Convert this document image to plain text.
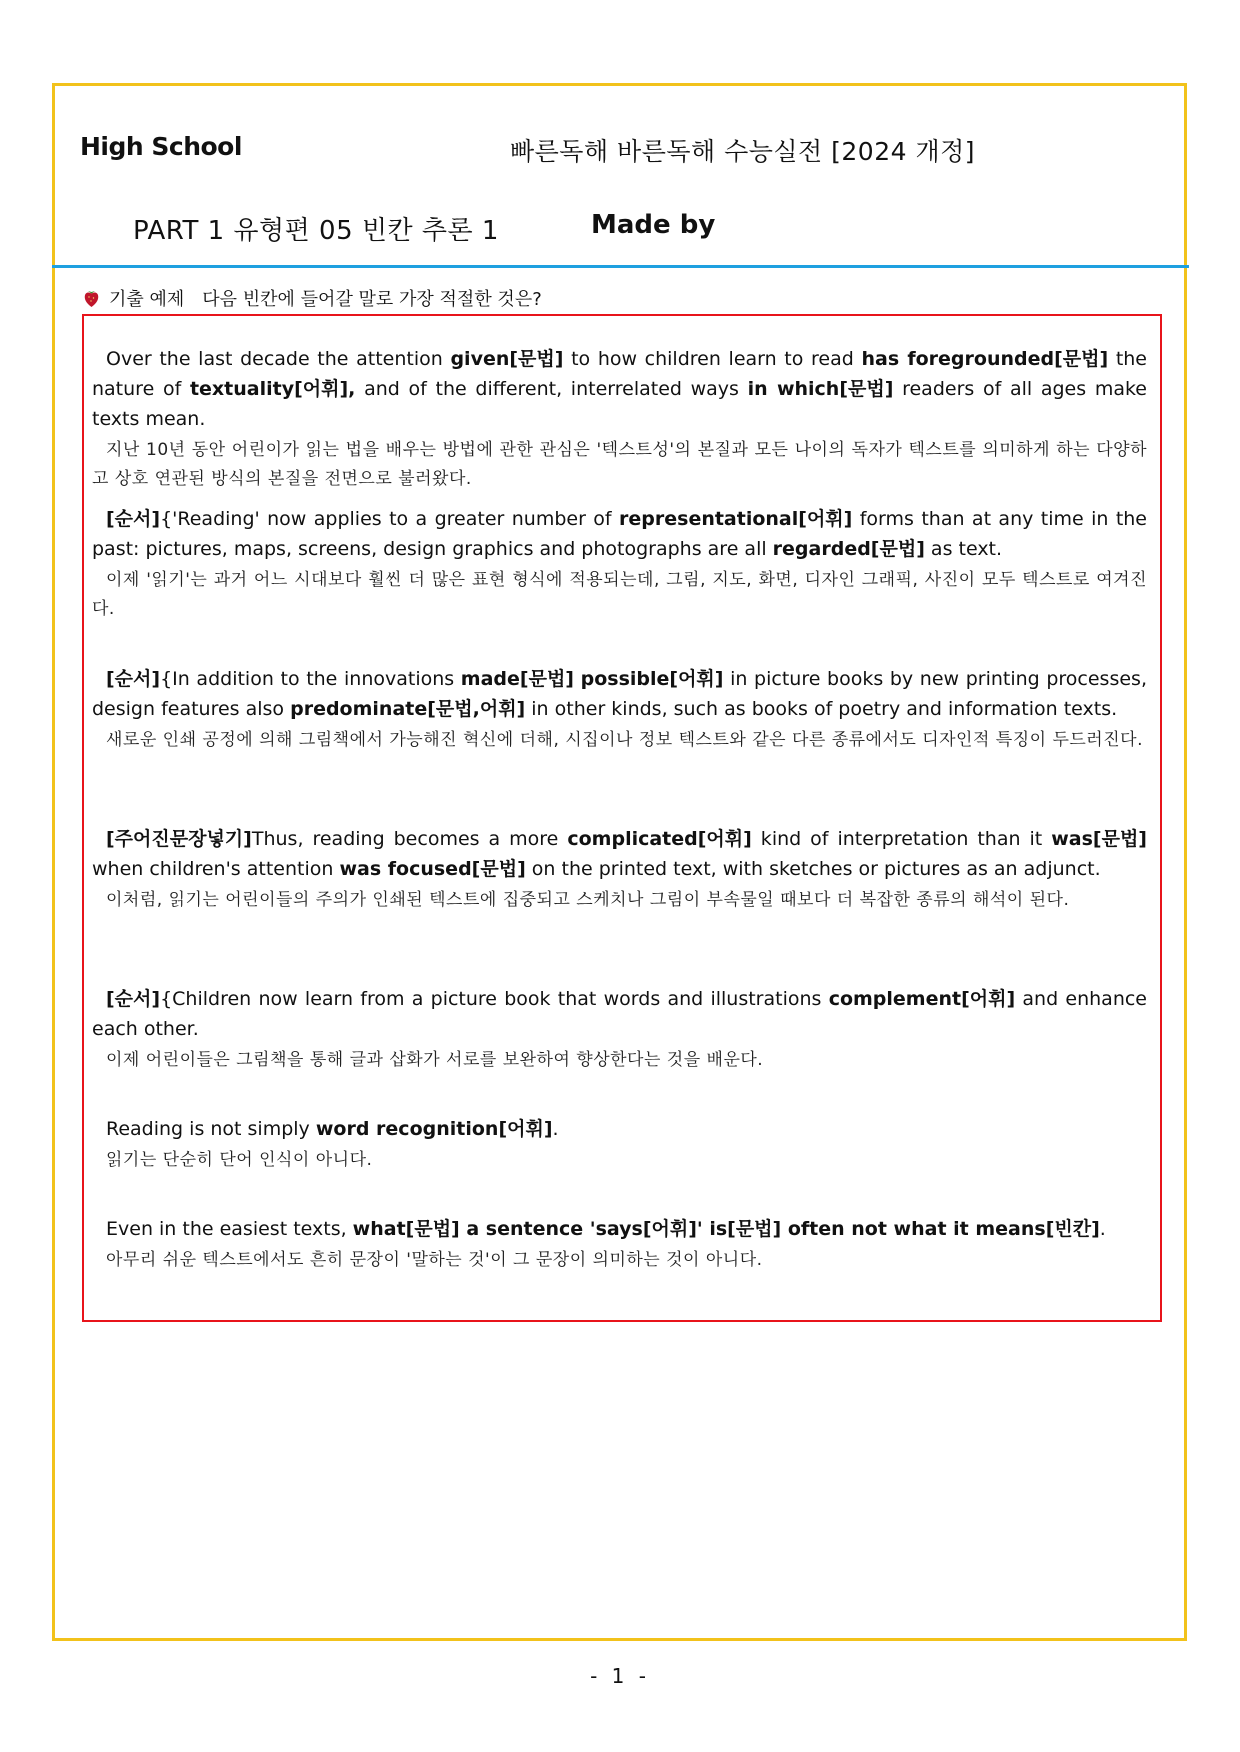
High School	빠른독해 바른독해 수능실전 [2024 개정]
PART 1 유형편 05 빈칸 추론 1	Made by
기출 예제 다음 빈칸에 들어갈 말로 가장 적절한 것은?

Over the last decade the attention given[문법] to how children learn to read has foregrounded[문법] the nature of textuality[어휘], and of the different, interrelated ways in which[문법] readers of all ages make texts mean.

지난 10년 동안 어린이가 읽는 법을 배우는 방법에 관한 관심은 '텍스트성'의 본질과 모든 나이의 독자가 텍스트를 의미하게 하는 다양하고 상호 연관된 방식의 본질을 전면으로 불러왔다.

[순서]{'Reading' now applies to a greater number of representational[어휘] forms than at any time in the past: pictures, maps, screens, design graphics and photographs are all regarded[문법] as text.

이제 '읽기'는 과거 어느 시대보다 훨씬 더 많은 표현 형식에 적용되는데, 그림, 지도, 화면, 디자인 그래픽, 사진이 모두 텍스트로 여겨진다.

[순서]{In addition to the innovations made[문법] possible[어휘] in picture books by new printing processes, design features also predominate[문법,어휘] in other kinds, such as books of poetry and information texts.

새로운 인쇄 공정에 의해 그림책에서 가능해진 혁신에 더해, 시집이나 정보 텍스트와 같은 다른 종류에서도 디자인적 특징이 두드러진다.

[주어진문장넣기]Thus, reading becomes a more complicated[어휘] kind of interpretation than it was[문법] when children's attention was focused[문법] on the printed text, with sketches or pictures as an adjunct.

이처럼, 읽기는 어린이들의 주의가 인쇄된 텍스트에 집중되고 스케치나 그림이 부속물일 때보다 더 복잡한 종류의 해석이 된다.

[순서]{Children now learn from a picture book that words and illustrations complement[어휘] and enhance each other.

이제 어린이들은 그림책을 통해 글과 삽화가 서로를 보완하여 향상한다는 것을 배운다.

Reading is not simply word recognition[어휘].

읽기는 단순히 단어 인식이 아니다.

Even in the easiest texts, what[문법] a sentence 'says[어휘]' is[문법] often not what it means[빈칸].

아무리 쉬운 텍스트에서도 흔히 문장이 '말하는 것'이 그 문장이 의미하는 것이 아니다.

- 1 -
